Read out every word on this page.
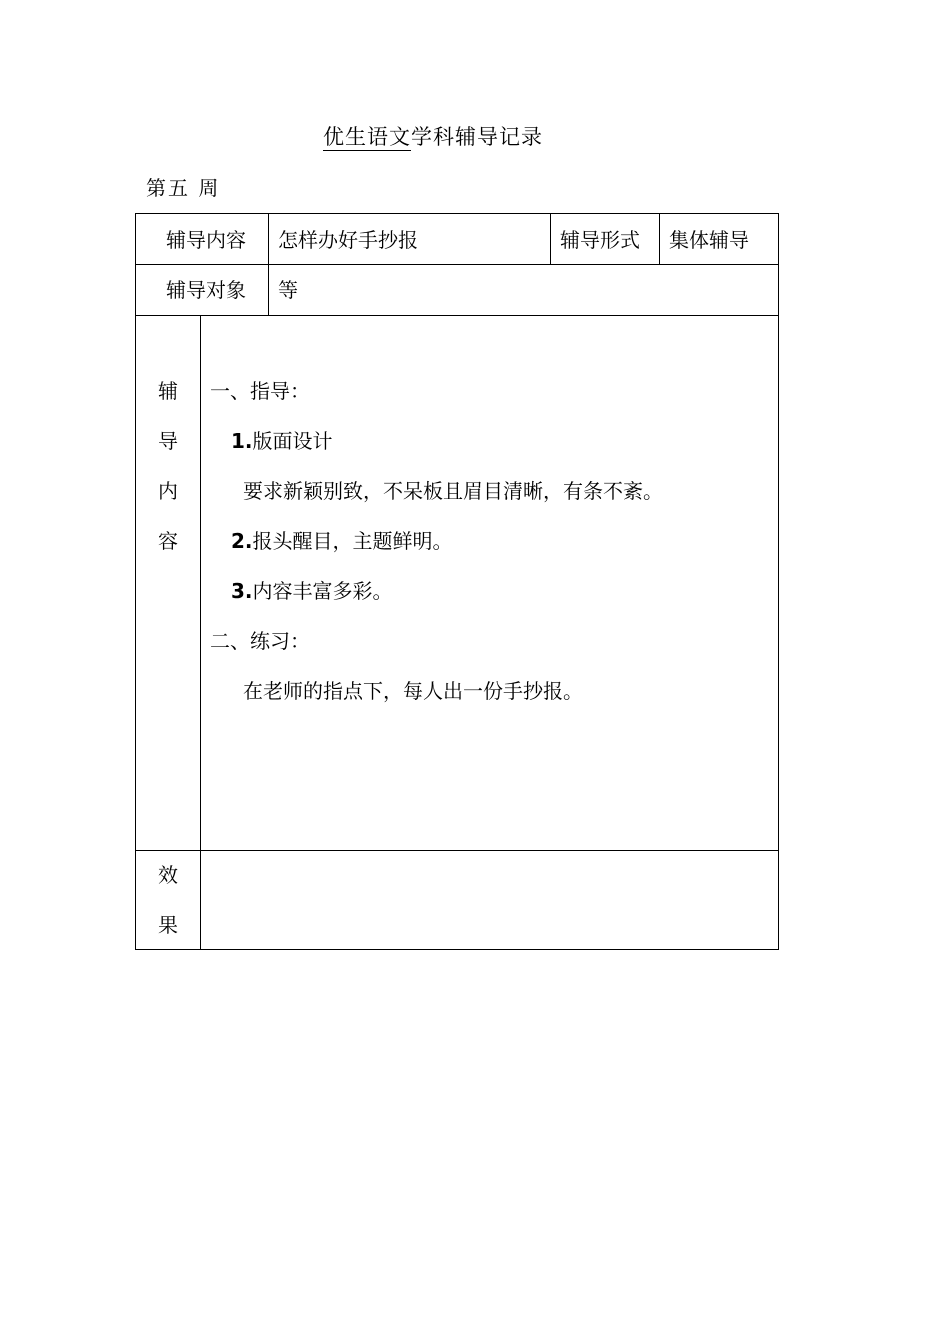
优生语文学科辅导记录
第五 周
辅导内容 怎样办好手抄报	辅导形式 集体辅导
辅导对象 等
辅
导
内
容
一、指导：
1.版面设计
要求新颖别致，不呆板且眉目清晰，有条不紊。
2.报头醒目，主题鲜明。
3.内容丰富多彩。
二、练习：
在老师的指点下，每人出一份手抄报。
效
果
